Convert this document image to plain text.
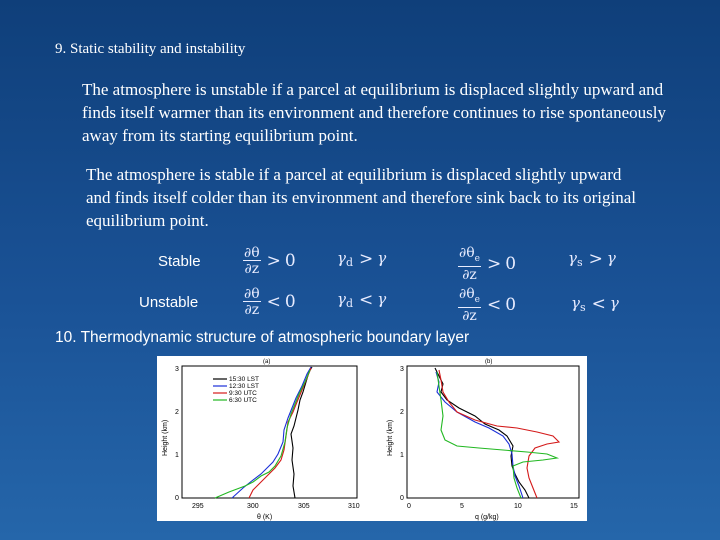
9. Static stability and instability
The atmosphere is unstable if a parcel at equilibrium is displaced slightly upward and finds itself warmer than its environment and therefore continues to rise spontaneously away from its starting equilibrium point.
The atmosphere is stable if a parcel at equilibrium is displaced slightly upward and finds itself colder than its environment and therefore sink back to its original equilibrium point.
Stable	$\frac{\partial\theta}{\partial z} > 0$	$\gamma_d > \gamma$	$\frac{\partial\theta_e}{\partial z} > 0$	$\gamma_s > \gamma$
Unstable	$\frac{\partial\theta}{\partial z} < 0$	$\gamma_d < \gamma$	$\frac{\partial\theta_e}{\partial z} < 0$	$\gamma_s < \gamma$
10. Thermodynamic structure of atmospheric boundary layer
(a)
Height (km)
θ (K)
295	300	305	310
0
1
2
3
15:30 LST
12:30 LST
9:30 UTC
6:30 UTC
(b)
Height (km)
q (g/kg)
0	5	10	15
0
1
2
3
